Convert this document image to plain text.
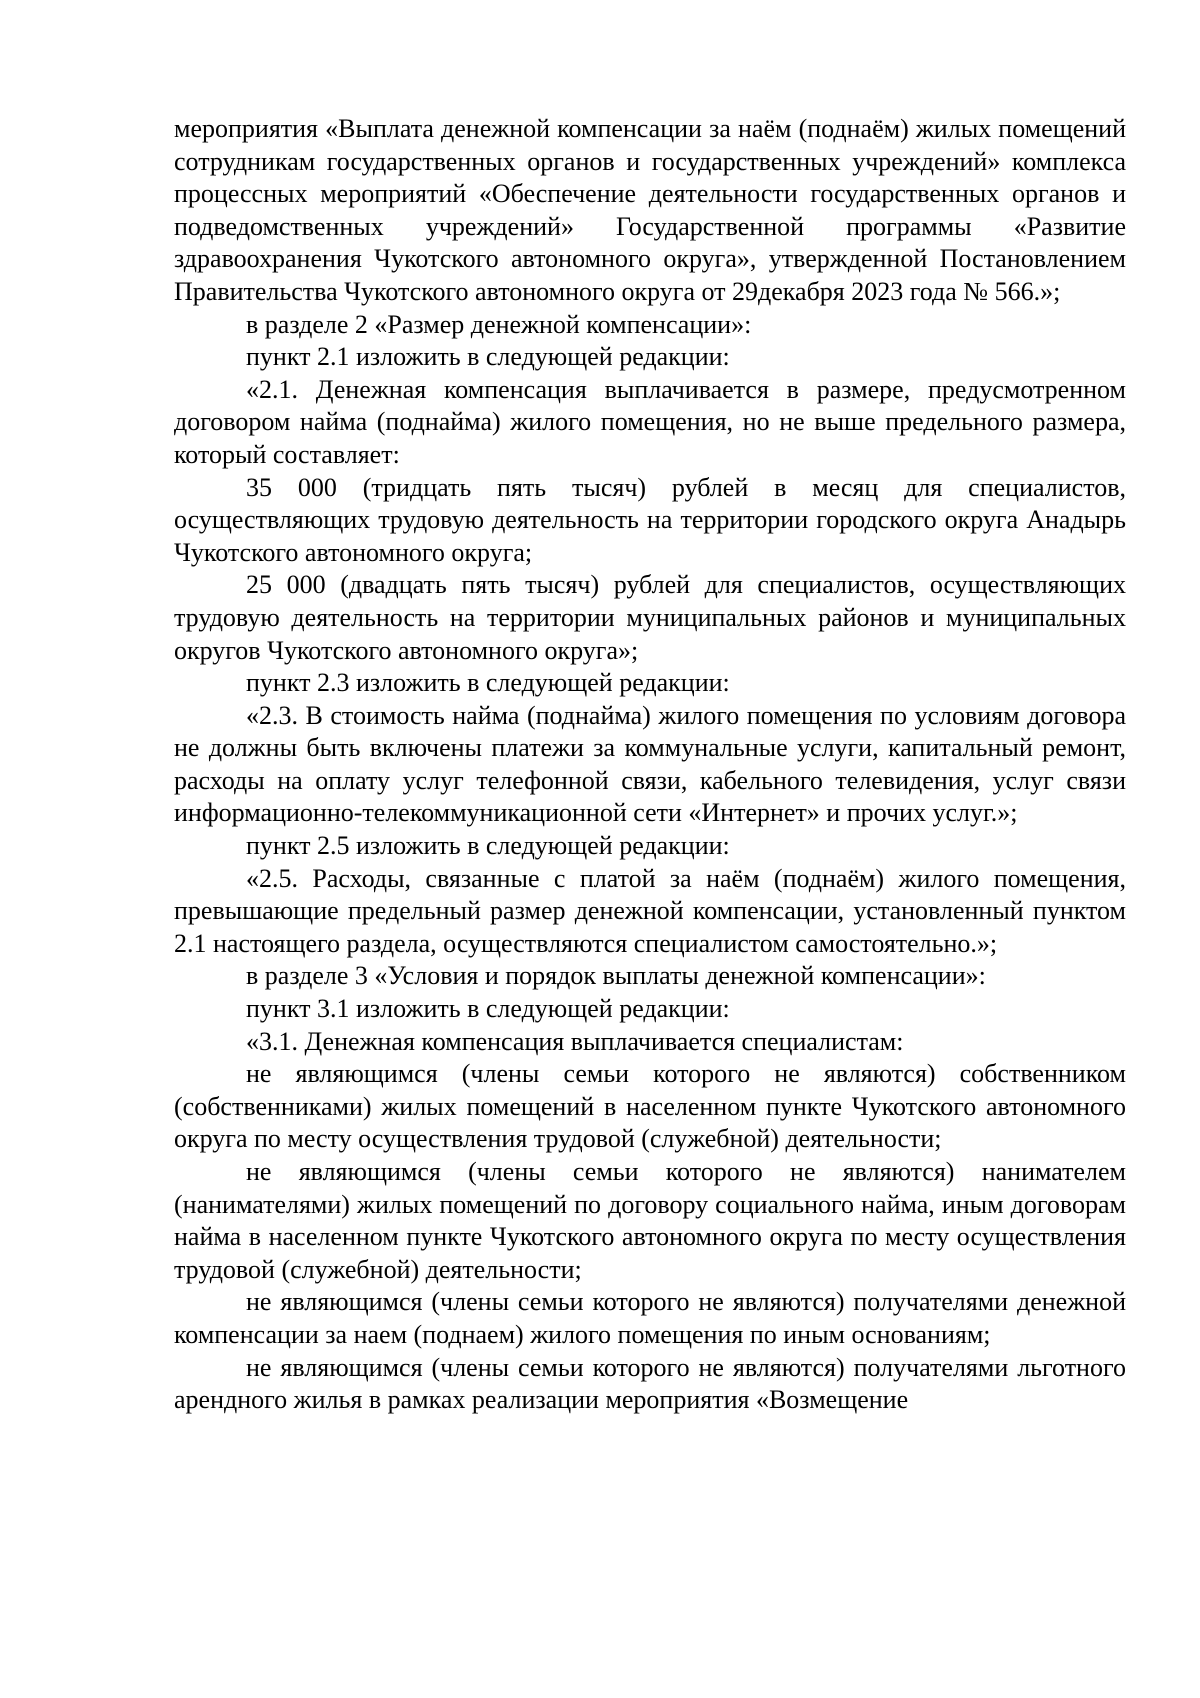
мероприятия «Выплата денежной компенсации за наём (поднаём) жилых помещений сотрудникам государственных органов и государственных учреждений» комплекса процессных мероприятий «Обеспечение деятельности государственных органов и подведомственных учреждений» Государственной программы «Развитие здравоохранения Чукотского автономного округа», утвержденной Постановлением Правительства Чукотского автономного округа от 29декабря 2023 года № 566.»;

в разделе 2 «Размер денежной компенсации»:

пункт 2.1 изложить в следующей редакции:

«2.1. Денежная компенсация выплачивается в размере, предусмотренном договором найма (поднайма) жилого помещения, но не выше предельного размера, который составляет:

35 000 (тридцать пять тысяч) рублей в месяц для специалистов, осуществляющих трудовую деятельность на территории городского округа Анадырь Чукотского автономного округа;

25 000 (двадцать пять тысяч) рублей для специалистов, осуществляющих трудовую деятельность на территории муниципальных районов и муниципальных округов Чукотского автономного округа»;

пункт 2.3 изложить в следующей редакции:

«2.3. В стоимость найма (поднайма) жилого помещения по условиям договора не должны быть включены платежи за коммунальные услуги, капитальный ремонт, расходы на оплату услуг телефонной связи, кабельного телевидения, услуг связи информационно-телекоммуникационной сети «Интернет» и прочих услуг.»;

пункт 2.5 изложить в следующей редакции:

«2.5. Расходы, связанные с платой за наём (поднаём) жилого помещения, превышающие предельный размер денежной компенсации, установленный пунктом 2.1 настоящего раздела, осуществляются специалистом самостоятельно.»;

в разделе 3 «Условия и порядок выплаты денежной компенсации»:

пункт 3.1 изложить в следующей редакции:

«3.1. Денежная компенсация выплачивается специалистам:

не являющимся (члены семьи которого не являются) собственником (собственниками) жилых помещений в населенном пункте Чукотского автономного округа по месту осуществления трудовой (служебной) деятельности;

не являющимся (члены семьи которого не являются) нанимателем (нанимателями) жилых помещений по договору социального найма, иным договорам найма в населенном пункте Чукотского автономного округа по месту осуществления трудовой (служебной) деятельности;

не являющимся (члены семьи которого не являются) получателями денежной компенсации за наем (поднаем) жилого помещения по иным основаниям;

не являющимся (члены семьи которого не являются) получателями льготного арендного жилья в рамках реализации мероприятия «Возмещение
